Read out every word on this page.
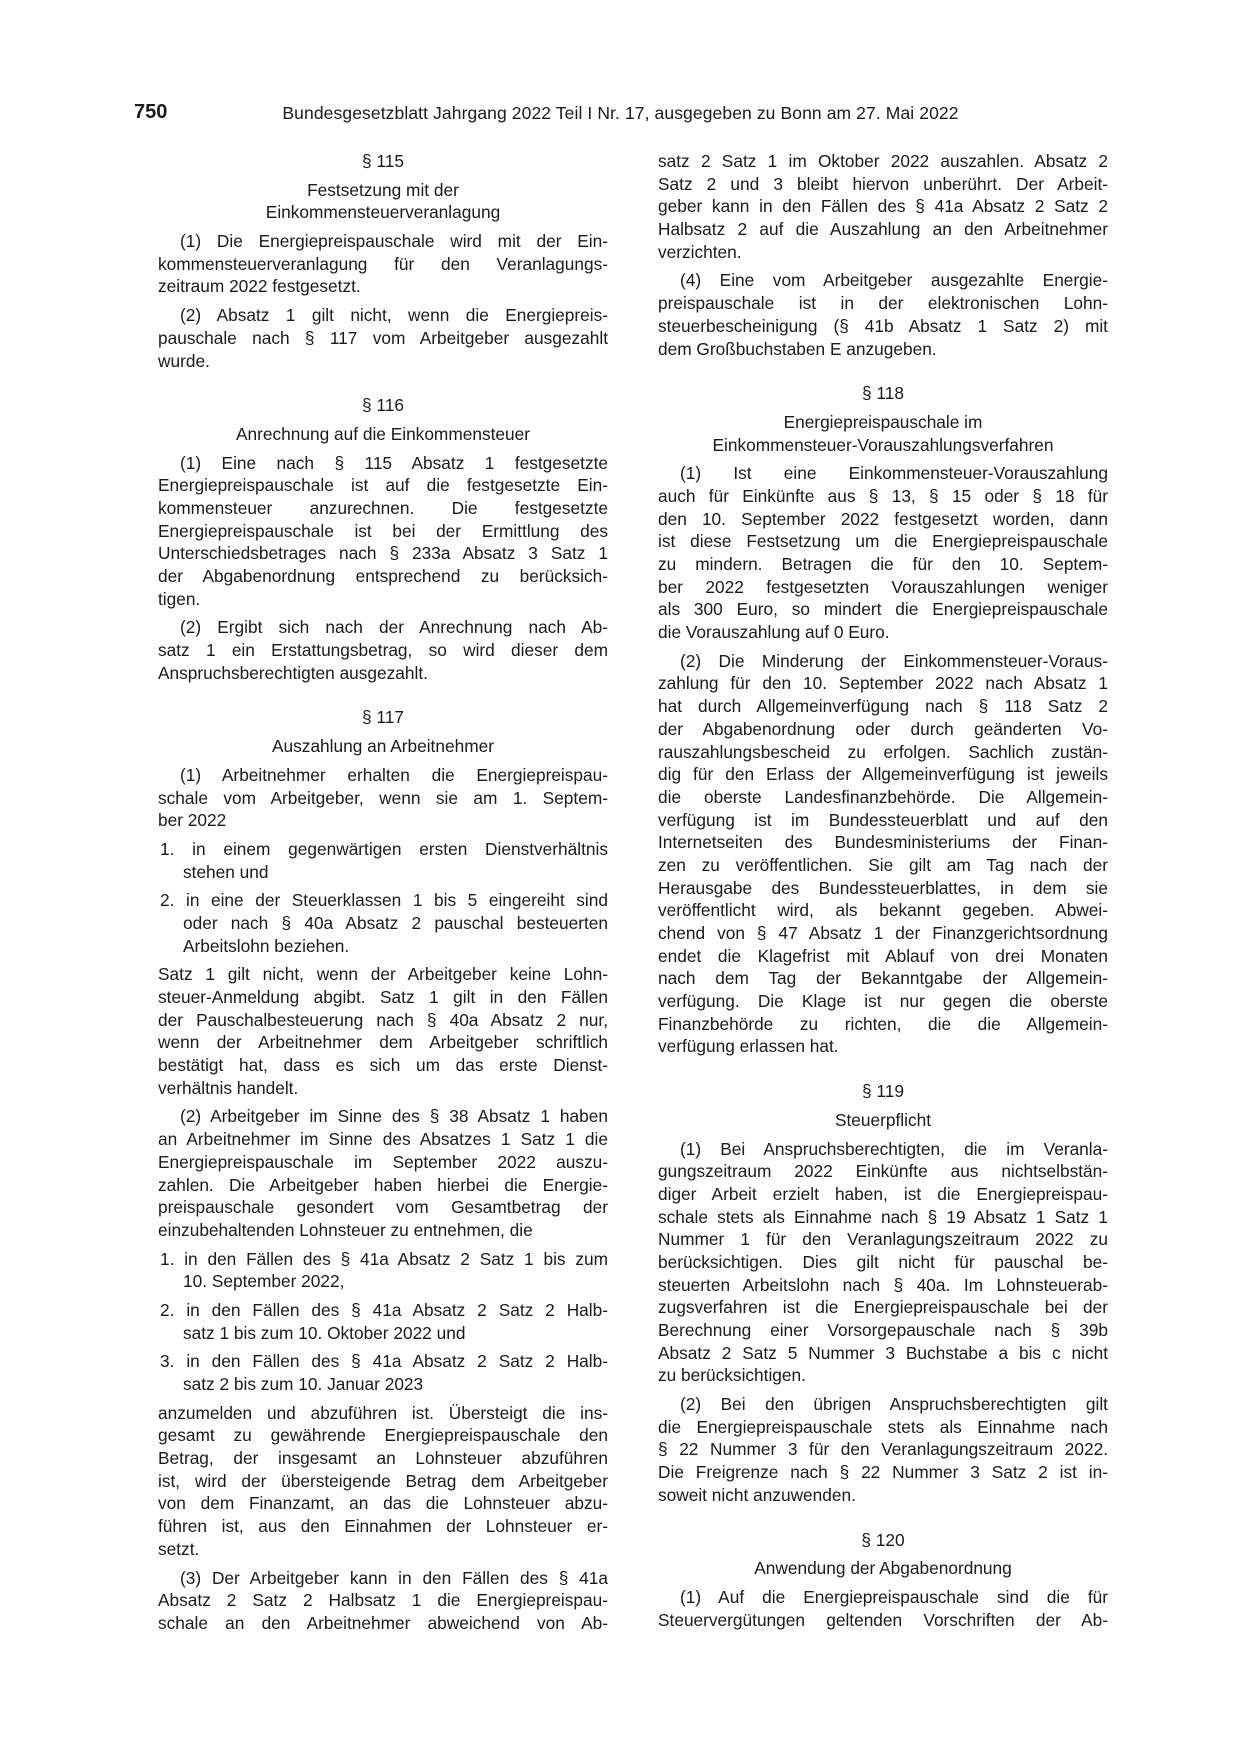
750	Bundesgesetzblatt Jahrgang 2022 Teil I Nr. 17, ausgegeben zu Bonn am 27. Mai 2022
§ 115
Festsetzung mit der
Einkommensteuerveranlagung
(1) Die Energiepreispauschale wird mit der Ein-
kommensteuerveranlagung für den Veranlagungs-
zeitraum 2022 festgesetzt.
(2) Absatz 1 gilt nicht, wenn die Energiepreis-
pauschale nach § 117 vom Arbeitgeber ausgezahlt
wurde.
§ 116
Anrechnung auf die Einkommensteuer
(1) Eine nach § 115 Absatz 1 festgesetzte
Energiepreispauschale ist auf die festgesetzte Ein-
kommensteuer anzurechnen. Die festgesetzte
Energiepreispauschale ist bei der Ermittlung des
Unterschiedsbetrages nach § 233a Absatz 3 Satz 1
der Abgabenordnung entsprechend zu berücksich-
tigen.
(2) Ergibt sich nach der Anrechnung nach Ab-
satz 1 ein Erstattungsbetrag, so wird dieser dem
Anspruchsberechtigten ausgezahlt.
§ 117
Auszahlung an Arbeitnehmer
(1) Arbeitnehmer erhalten die Energiepreispau-
schale vom Arbeitgeber, wenn sie am 1. Septem-
ber 2022
1. in einem gegenwärtigen ersten Dienstverhältnis
stehen und
2. in eine der Steuerklassen 1 bis 5 eingereiht sind
oder nach § 40a Absatz 2 pauschal besteuerten
Arbeitslohn beziehen.
Satz 1 gilt nicht, wenn der Arbeitgeber keine Lohn-
steuer-Anmeldung abgibt. Satz 1 gilt in den Fällen
der Pauschalbesteuerung nach § 40a Absatz 2 nur,
wenn der Arbeitnehmer dem Arbeitgeber schriftlich
bestätigt hat, dass es sich um das erste Dienst-
verhältnis handelt.
(2) Arbeitgeber im Sinne des § 38 Absatz 1 haben
an Arbeitnehmer im Sinne des Absatzes 1 Satz 1 die
Energiepreispauschale im September 2022 auszu-
zahlen. Die Arbeitgeber haben hierbei die Energie-
preispauschale gesondert vom Gesamtbetrag der
einzubehaltenden Lohnsteuer zu entnehmen, die
1. in den Fällen des § 41a Absatz 2 Satz 1 bis zum
10. September 2022,
2. in den Fällen des § 41a Absatz 2 Satz 2 Halb-
satz 1 bis zum 10. Oktober 2022 und
3. in den Fällen des § 41a Absatz 2 Satz 2 Halb-
satz 2 bis zum 10. Januar 2023
anzumelden und abzuführen ist. Übersteigt die ins-
gesamt zu gewährende Energiepreispauschale den
Betrag, der insgesamt an Lohnsteuer abzuführen
ist, wird der übersteigende Betrag dem Arbeitgeber
von dem Finanzamt, an das die Lohnsteuer abzu-
führen ist, aus den Einnahmen der Lohnsteuer er-
setzt.
(3) Der Arbeitgeber kann in den Fällen des § 41a
Absatz 2 Satz 2 Halbsatz 1 die Energiepreispau-
schale an den Arbeitnehmer abweichend von Ab-
satz 2 Satz 1 im Oktober 2022 auszahlen. Absatz 2
Satz 2 und 3 bleibt hiervon unberührt. Der Arbeit-
geber kann in den Fällen des § 41a Absatz 2 Satz 2
Halbsatz 2 auf die Auszahlung an den Arbeitnehmer
verzichten.
(4) Eine vom Arbeitgeber ausgezahlte Energie-
preispauschale ist in der elektronischen Lohn-
steuerbescheinigung (§ 41b Absatz 1 Satz 2) mit
dem Großbuchstaben E anzugeben.
§ 118
Energiepreispauschale im
Einkommensteuer-Vorauszahlungsverfahren
(1) Ist eine Einkommensteuer-Vorauszahlung
auch für Einkünfte aus § 13, § 15 oder § 18 für
den 10. September 2022 festgesetzt worden, dann
ist diese Festsetzung um die Energiepreispauschale
zu mindern. Betragen die für den 10. Septem-
ber 2022 festgesetzten Vorauszahlungen weniger
als 300 Euro, so mindert die Energiepreispauschale
die Vorauszahlung auf 0 Euro.
(2) Die Minderung der Einkommensteuer-Voraus-
zahlung für den 10. September 2022 nach Absatz 1
hat durch Allgemeinverfügung nach § 118 Satz 2
der Abgabenordnung oder durch geänderten Vo-
rauszahlungsbescheid zu erfolgen. Sachlich zustän-
dig für den Erlass der Allgemeinverfügung ist jeweils
die oberste Landesfinanzbehörde. Die Allgemein-
verfügung ist im Bundessteuerblatt und auf den
Internetseiten des Bundesministeriums der Finan-
zen zu veröffentlichen. Sie gilt am Tag nach der
Herausgabe des Bundessteuerblattes, in dem sie
veröffentlicht wird, als bekannt gegeben. Abwei-
chend von § 47 Absatz 1 der Finanzgerichtsordnung
endet die Klagefrist mit Ablauf von drei Monaten
nach dem Tag der Bekanntgabe der Allgemein-
verfügung. Die Klage ist nur gegen die oberste
Finanzbehörde zu richten, die die Allgemein-
verfügung erlassen hat.
§ 119
Steuerpflicht
(1) Bei Anspruchsberechtigten, die im Veranla-
gungszeitraum 2022 Einkünfte aus nichtselbstän-
diger Arbeit erzielt haben, ist die Energiepreispau-
schale stets als Einnahme nach § 19 Absatz 1 Satz 1
Nummer 1 für den Veranlagungszeitraum 2022 zu
berücksichtigen. Dies gilt nicht für pauschal be-
steuerten Arbeitslohn nach § 40a. Im Lohnsteuerab-
zugsverfahren ist die Energiepreispauschale bei der
Berechnung einer Vorsorgepauschale nach § 39b
Absatz 2 Satz 5 Nummer 3 Buchstabe a bis c nicht
zu berücksichtigen.
(2) Bei den übrigen Anspruchsberechtigten gilt
die Energiepreispauschale stets als Einnahme nach
§ 22 Nummer 3 für den Veranlagungszeitraum 2022.
Die Freigrenze nach § 22 Nummer 3 Satz 2 ist in-
soweit nicht anzuwenden.
§ 120
Anwendung der Abgabenordnung
(1) Auf die Energiepreispauschale sind die für
Steuervergütungen geltenden Vorschriften der Ab-
